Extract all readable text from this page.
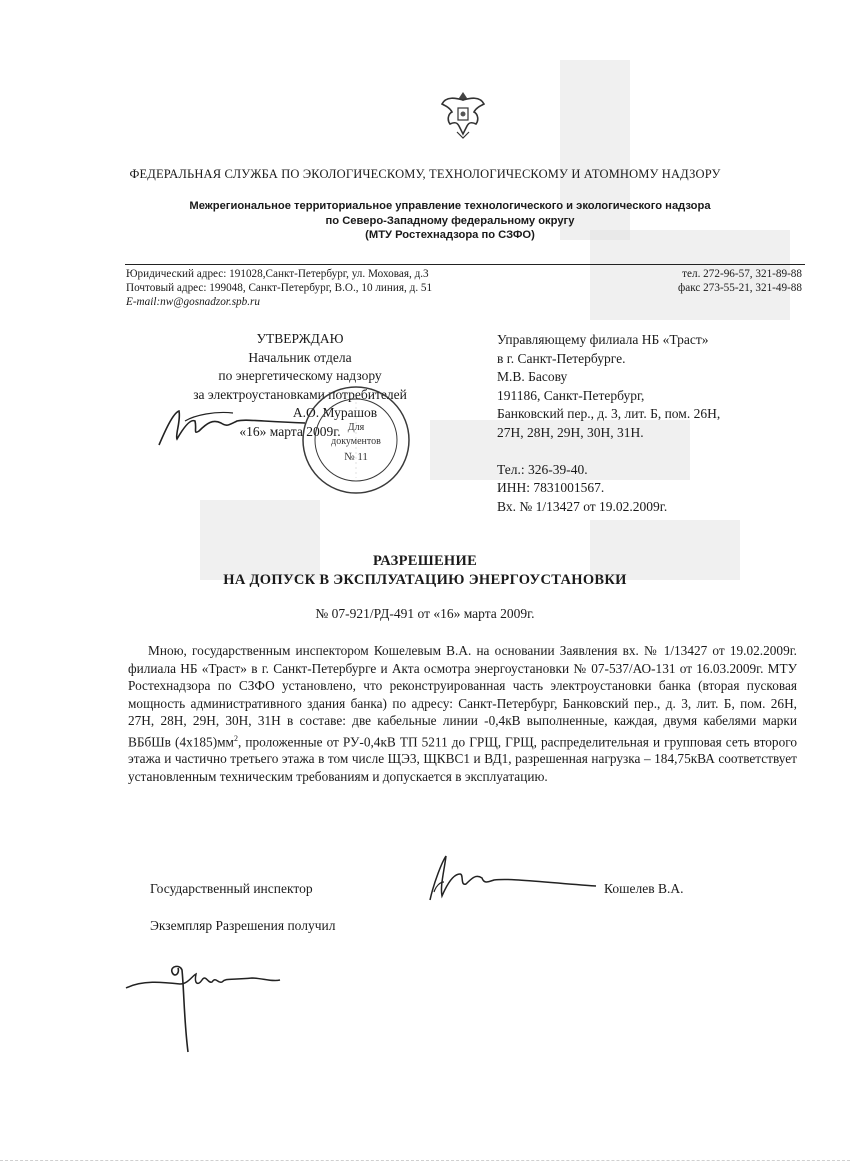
ФЕДЕРАЛЬНАЯ СЛУЖБА ПО ЭКОЛОГИЧЕСКОМУ, ТЕХНОЛОГИЧЕСКОМУ И АТОМНОМУ НАДЗОРУ
Межрегиональное территориальное управление технологического и экологического надзора
по Северо-Западному федеральному округу
(МТУ Ростехнадзора по СЗФО)
Юридический адрес: 191028,Санкт-Петербург, ул. Моховая, д.3
Почтовый адрес: 199048, Санкт-Петербург, В.О., 10 линия, д. 51
E-mail:nw@gosnadzor.spb.ru
тел. 272-96-57, 321-89-88
факс 273-55-21, 321-49-88
УТВЕРЖДАЮ
Начальник отдела
по энергетическому надзору
за электроустановками потребителей
А.О. Мурашов
«16» марта 2009г. Для
документов
№ 11
Управляющему филиала НБ «Траст»
в г. Санкт-Петербурге.
М.В. Басову
191186, Санкт-Петербург,
Банковский пер., д. 3, лит. Б, пом. 26Н,
27Н, 28Н, 29Н, 30Н, 31Н.
Тел.: 326-39-40.
ИНН: 7831001567.
Вх. № 1/13427 от 19.02.2009г.
РАЗРЕШЕНИЕ
НА ДОПУСК В ЭКСПЛУАТАЦИЮ ЭНЕРГОУСТАНОВКИ
№ 07-921/РД-491 от «16» марта 2009г.
Мною, государственным инспектором Кошелевым В.А. на основании Заявления вх. № 1/13427 от 19.02.2009г. филиала НБ «Траст» в г. Санкт-Петербурге и Акта осмотра энергоустановки № 07-537/АО-131 от 16.03.2009г. МТУ Ростехнадзора по СЗФО установлено, что реконструированная часть электроустановки банка (вторая пусковая мощность административного здания банка) по адресу: Санкт-Петербург, Банковский пер., д. 3, лит. Б, пом. 26Н, 27Н, 28Н, 29Н, 30Н, 31Н в составе: две кабельные линии -0,4кВ выполненные, каждая, двумя кабелями марки ВБбШв $(4х185)мм^2$, проложенные от РУ-0,4кВ ТП 5211 до ГРЩ, ГРЩ, распределительная и групповая сеть второго этажа и частично третьего этажа в том числе ЩЭ3, ЩКВС1 и ВД1, разрешенная нагрузка – 184,75кВА соответствует установленным техническим требованиям и допускается в эксплуатацию.
Государственный инспектор	Кошелев В.А.
Экземпляр Разрешения получил
